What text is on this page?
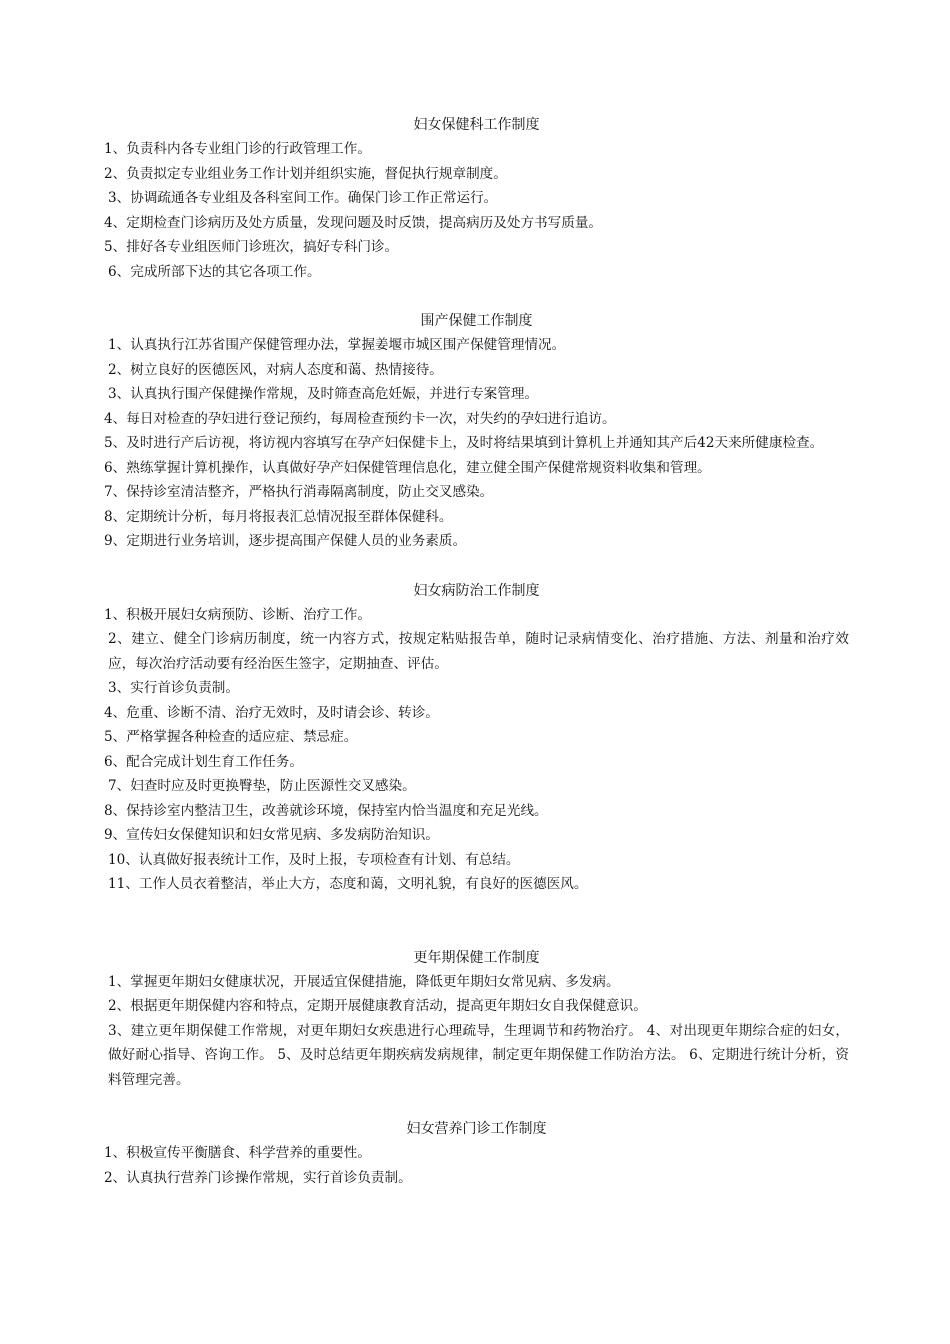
妇女保健科工作制度
1、负责科内各专业组门诊的行政管理工作。
2、负责拟定专业组业务工作计划并组织实施，督促执行规章制度。
3、协调疏通各专业组及各科室间工作。确保门诊工作正常运行。
4、定期检查门诊病历及处方质量，发现问题及时反馈，提高病历及处方书写质量。
5、排好各专业组医师门诊班次，搞好专科门诊。
6、完成所部下达的其它各项工作。
围产保健工作制度
1、认真执行江苏省围产保健管理办法，掌握姜堰市城区围产保健管理情况。
2、树立良好的医德医风，对病人态度和蔼、热情接待。
3、认真执行围产保健操作常规，及时筛查高危妊娠，并进行专案管理。
4、每日对检查的孕妇进行登记预约，每周检查预约卡一次，对失约的孕妇进行追访。
5、及时进行产后访视，将访视内容填写在孕产妇保健卡上，及时将结果填到计算机上并通知其产后42天来所健康检查。
6、熟练掌握计算机操作，认真做好孕产妇保健管理信息化，建立健全围产保健常规资料收集和管理。
7、保持诊室清洁整齐，严格执行消毒隔离制度，防止交叉感染。
8、定期统计分析，每月将报表汇总情况报至群体保健科。
9、定期进行业务培训，逐步提高围产保健人员的业务素质。
妇女病防治工作制度
1、积极开展妇女病预防、诊断、治疗工作。
2、建立、健全门诊病历制度，统一内容方式，按规定粘贴报告单，随时记录病情变化、治疗措施、方法、剂量和治疗效应，每次治疗活动要有经治医生签字，定期抽查、评估。
3、实行首诊负责制。
4、危重、诊断不清、治疗无效时，及时请会诊、转诊。
5、严格掌握各种检查的适应症、禁忌症。
6、配合完成计划生育工作任务。
7、妇查时应及时更换臀垫，防止医源性交叉感染。
8、保持诊室内整洁卫生，改善就诊环境，保持室内恰当温度和充足光线。
9、宣传妇女保健知识和妇女常见病、多发病防治知识。
10、认真做好报表统计工作，及时上报，专项检查有计划、有总结。
11、工作人员衣着整洁，举止大方，态度和蔼，文明礼貌，有良好的医德医风。
更年期保健工作制度
1、掌握更年期妇女健康状况，开展适宜保健措施，降低更年期妇女常见病、多发病。
2、根据更年期保健内容和特点，定期开展健康教育活动，提高更年期妇女自我保健意识。
3、建立更年期保健工作常规，对更年期妇女疾患进行心理疏导，生理调节和药物治疗。 4、对出现更年期综合症的妇女，做好耐心指导、咨询工作。 5、及时总结更年期疾病发病规律，制定更年期保健工作防治方法。 6、定期进行统计分析，资料管理完善。
妇女营养门诊工作制度
1、积极宣传平衡膳食、科学营养的重要性。
2、认真执行营养门诊操作常规，实行首诊负责制。
